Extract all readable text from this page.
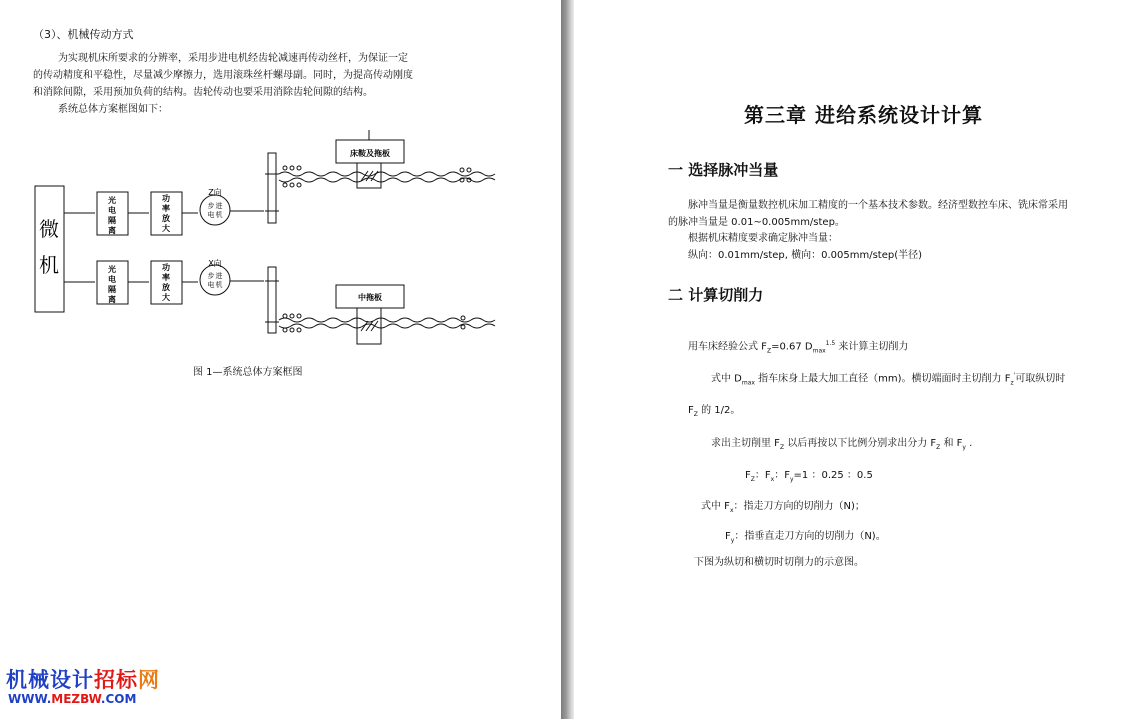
（3）、机械传动方式
为实现机床所要求的分辨率，采用步进电机经齿轮减速再传动丝杆，为保证一定
的传动精度和平稳性，尽量减少摩擦力，选用滚珠丝杆螺母副。同时，为提高传动刚度
和消除间隙，采用预加负荷的结构。齿轮传动也要采用消除齿轮间隙的结构。
系统总体方案框图如下：
微
机
光
电
隔
离
光
电
隔
离
功
率
放
大
功
率
放
大
步 进
电 机
步 进
电 机
Z向
X向
床鞍及拖板
中拖板
图 1—系统总体方案框图
第三章 进给系统设计计算
一 选择脉冲当量
脉冲当量是衡量数控机床加工精度的一个基本技术参数。经济型数控车床、铣床常采用
的脉冲当量是 0.01~0.005mm/step。
根据机床精度要求确定脉冲当量：
纵向：0.01mm/step, 横向：0.005mm/step(半径)
二 计算切削力
用车床经验公式 $F_Z=0.67$ $D_{max}^{1.5}$ 来计算主切削力
式中 $D_{max}$ 指车床身上最大加工直径（mm)。横切端面时主切削力 $F_z'$可取纵切时
$F_Z$ 的 1/2。
求出主切削里 $F_Z$ 以后再按以下比例分别求出分力 $F_Z$ 和 $F_y$ .
$F_Z$：$F_x$：$F_y=1$ ：0.25 ：0.5
式中 $F_x$：指走刀方向的切削力（N)；
$F_y$：指垂直走刀方向的切削力（N)。
下图为纵切和横切时切削力的示意图。
机械设计招标网
WWW.MEZBW.COM
